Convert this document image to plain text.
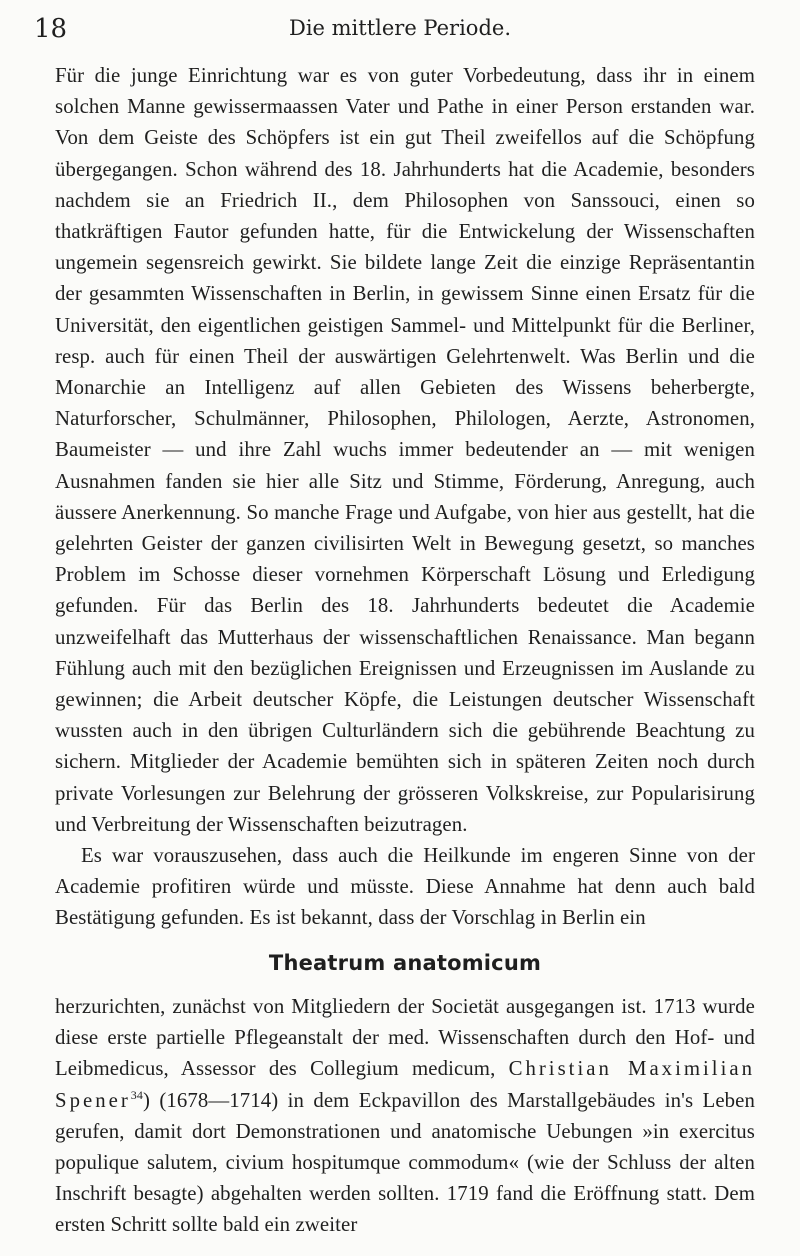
18	Die mittlere Periode.

Für die junge Einrichtung war es von guter Vorbedeutung, dass ihr in einem solchen Manne gewissermaassen Vater und Pathe in einer Person erstanden war. Von dem Geiste des Schöpfers ist ein gut Theil zweifellos auf die Schöpfung übergegangen. Schon während des 18. Jahrhunderts hat die Academie, besonders nachdem sie an Friedrich II., dem Philosophen von Sanssouci, einen so thatkräftigen Fautor gefunden hatte, für die Entwickelung der Wissenschaften ungemein segensreich gewirkt. Sie bildete lange Zeit die einzige Repräsentantin der gesammten Wissenschaften in Berlin, in gewissem Sinne einen Ersatz für die Universität, den eigentlichen geistigen Sammel- und Mittelpunkt für die Berliner, resp. auch für einen Theil der auswärtigen Gelehrtenwelt. Was Berlin und die Monarchie an Intelligenz auf allen Gebieten des Wissens beherbergte, Naturforscher, Schulmänner, Philosophen, Philologen, Aerzte, Astronomen, Baumeister — und ihre Zahl wuchs immer bedeutender an — mit wenigen Ausnahmen fanden sie hier alle Sitz und Stimme, Förderung, Anregung, auch äussere Anerkennung. So manche Frage und Aufgabe, von hier aus gestellt, hat die gelehrten Geister der ganzen civilisirten Welt in Bewegung gesetzt, so manches Problem im Schosse dieser vornehmen Körperschaft Lösung und Erledigung gefunden. Für das Berlin des 18. Jahrhunderts bedeutet die Academie unzweifelhaft das Mutterhaus der wissenschaftlichen Renaissance. Man begann Fühlung auch mit den bezüglichen Ereignissen und Erzeugnissen im Auslande zu gewinnen; die Arbeit deutscher Köpfe, die Leistungen deutscher Wissenschaft wussten auch in den übrigen Culturländern sich die gebührende Beachtung zu sichern. Mitglieder der Academie bemühten sich in späteren Zeiten noch durch private Vorlesungen zur Belehrung der grösseren Volkskreise, zur Popularisirung und Verbreitung der Wissenschaften beizutragen.

Es war vorauszusehen, dass auch die Heilkunde im engeren Sinne von der Academie profitiren würde und müsste. Diese Annahme hat denn auch bald Bestätigung gefunden. Es ist bekannt, dass der Vorschlag in Berlin ein

Theatrum anatomicum

herzurichten, zunächst von Mitgliedern der Societät ausgegangen ist. 1713 wurde diese erste partielle Pflegeanstalt der med. Wissenschaften durch den Hof- und Leibmedicus, Assessor des Collegium medicum, Christian Maximilian Spener$^{34}$) (1678—1714) in dem Eckpavillon des Marstallgebäudes in's Leben gerufen, damit dort Demonstrationen und anatomische Uebungen »in exercitus populique salutem, civium hospitumque commodum« (wie der Schluss der alten Inschrift besagte) abgehalten werden sollten. 1719 fand die Eröffnung statt. Dem ersten Schritt sollte bald ein zweiter
